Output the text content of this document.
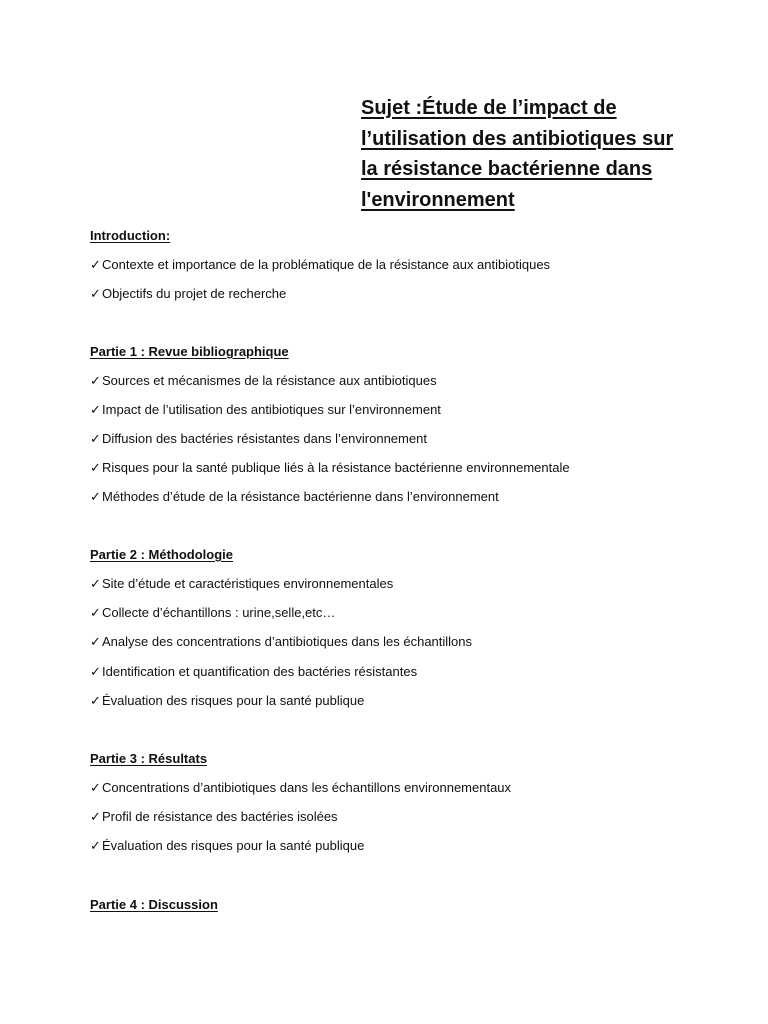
Sujet :Étude de l’impact de
l’utilisation des antibiotiques sur
la résistance bactérienne dans
l'environnement
Introduction:
✓Contexte et importance de la problématique de la résistance aux antibiotiques
✓Objectifs du projet de recherche
Partie 1 : Revue bibliographique
✓Sources et mécanismes de la résistance aux antibiotiques
✓Impact de l’utilisation des antibiotiques sur l’environnement
✓Diffusion des bactéries résistantes dans l’environnement
✓Risques pour la santé publique liés à la résistance bactérienne environnementale
✓Méthodes d’étude de la résistance bactérienne dans l’environnement
Partie 2 : Méthodologie
✓Site d’étude et caractéristiques environnementales
✓Collecte d’échantillons : urine,selle,etc…
✓Analyse des concentrations d’antibiotiques dans les échantillons
✓Identification et quantification des bactéries résistantes
✓Évaluation des risques pour la santé publique
Partie 3 : Résultats
✓Concentrations d’antibiotiques dans les échantillons environnementaux
✓Profil de résistance des bactéries isolées
✓Évaluation des risques pour la santé publique
Partie 4 : Discussion
